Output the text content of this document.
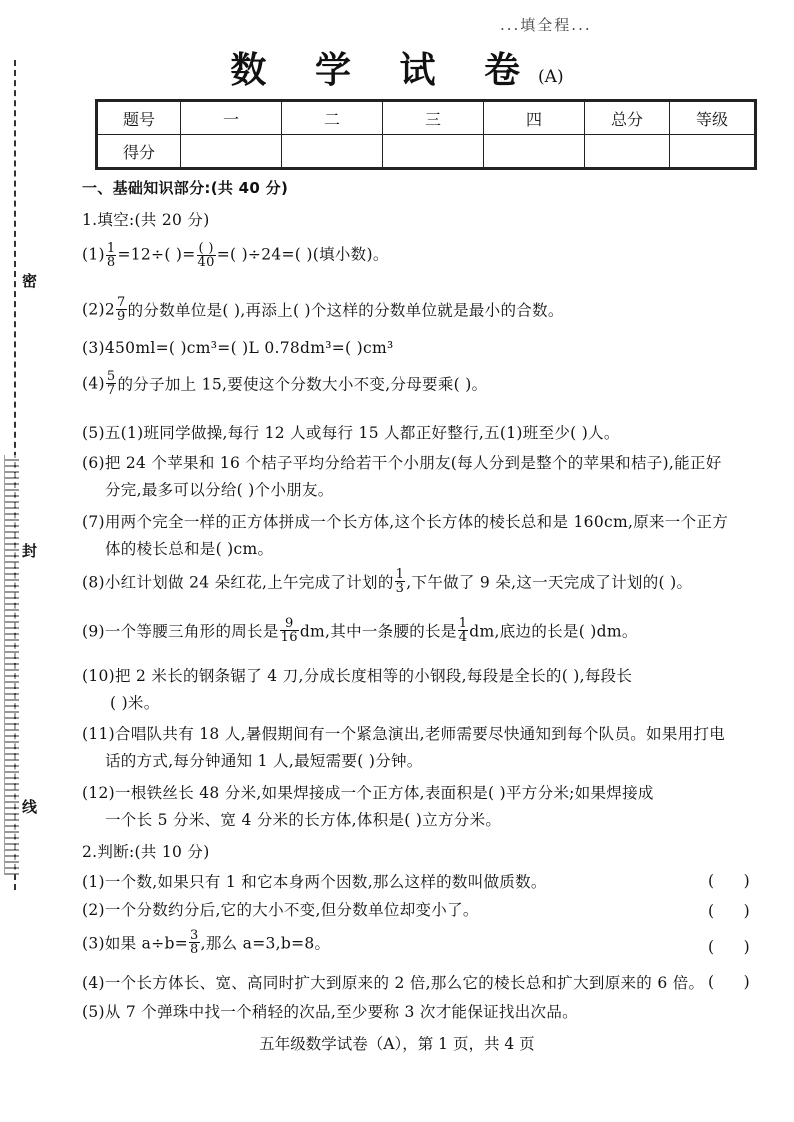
密
封
线
...填全程...
数 学 试 卷(A)
题号	一	二	三	四	总分	等级
得分						
一、基础知识部分:(共 40 分)
1.填空:(共 20 分)
$(1) \frac{1}{8} =12\div$( )= $\frac{( )}{40}$ =( )÷24=( )(填小数)。
$(2)2 \frac{7}{9}$ 的分数单位是( ),再添上( )个这样的分数单位就是最小的合数。
(3)450ml=( )cm³=( )L 0.78dm³=( )cm³
$(4) \frac{5}{7}$ 的分子加上 15,要使这个分数大小不变,分母要乘( )。
(5)五(1)班同学做操,每行 12 人或每行 15 人都正好整行,五(1)班至少( )人。
(6)把 24 个苹果和 16 个桔子平均分给若干个小朋友(每人分到是整个的苹果和桔子),能正好
分完,最多可以分给( )个小朋友。
(7)用两个完全一样的正方体拼成一个长方体,这个长方体的棱长总和是 160cm,原来一个正方
体的棱长总和是( )cm。
(8)小红计划做 24 朵红花,上午完成了计划的 $\frac{1}{3}$ ,下午做了 9 朵,这一天完成了计划的( )。
(9)一个等腰三角形的周长是 $\frac{9}{16}$ dm,其中一条腰的长是 $\frac{1}{4}$ dm,底边的长是( )dm。
(10)把 2 米长的钢条锯了 4 刀,分成长度相等的小钢段,每段是全长的( ),每段长
( )米。
(11)合唱队共有 18 人,暑假期间有一个紧急演出,老师需要尽快通知到每个队员。如果用打电
话的方式,每分钟通知 1 人,最短需要( )分钟。
(12)一根铁丝长 48 分米,如果焊接成一个正方体,表面积是( )平方分米;如果焊接成
一个长 5 分米、宽 4 分米的长方体,体积是( )立方分米。
2.判断:(共 10 分)
(1)一个数,如果只有 1 和它本身两个因数,那么这样的数叫做质数。	(      )
(2)一个分数约分后,它的大小不变,但分数单位却变小了。	(      )
(3)如果 $a\div b= \frac{3}{8}$ ,那么 a=3,b=8。	(      )
(4)一个长方体长、宽、高同时扩大到原来的 2 倍,那么它的棱长总和扩大到原来的 6 倍。 (      )
(5)从 7 个弹珠中找一个稍轻的次品,至少要称 3 次才能保证找出次品。
五年级数学试卷（A），第 1 页，共 4 页
